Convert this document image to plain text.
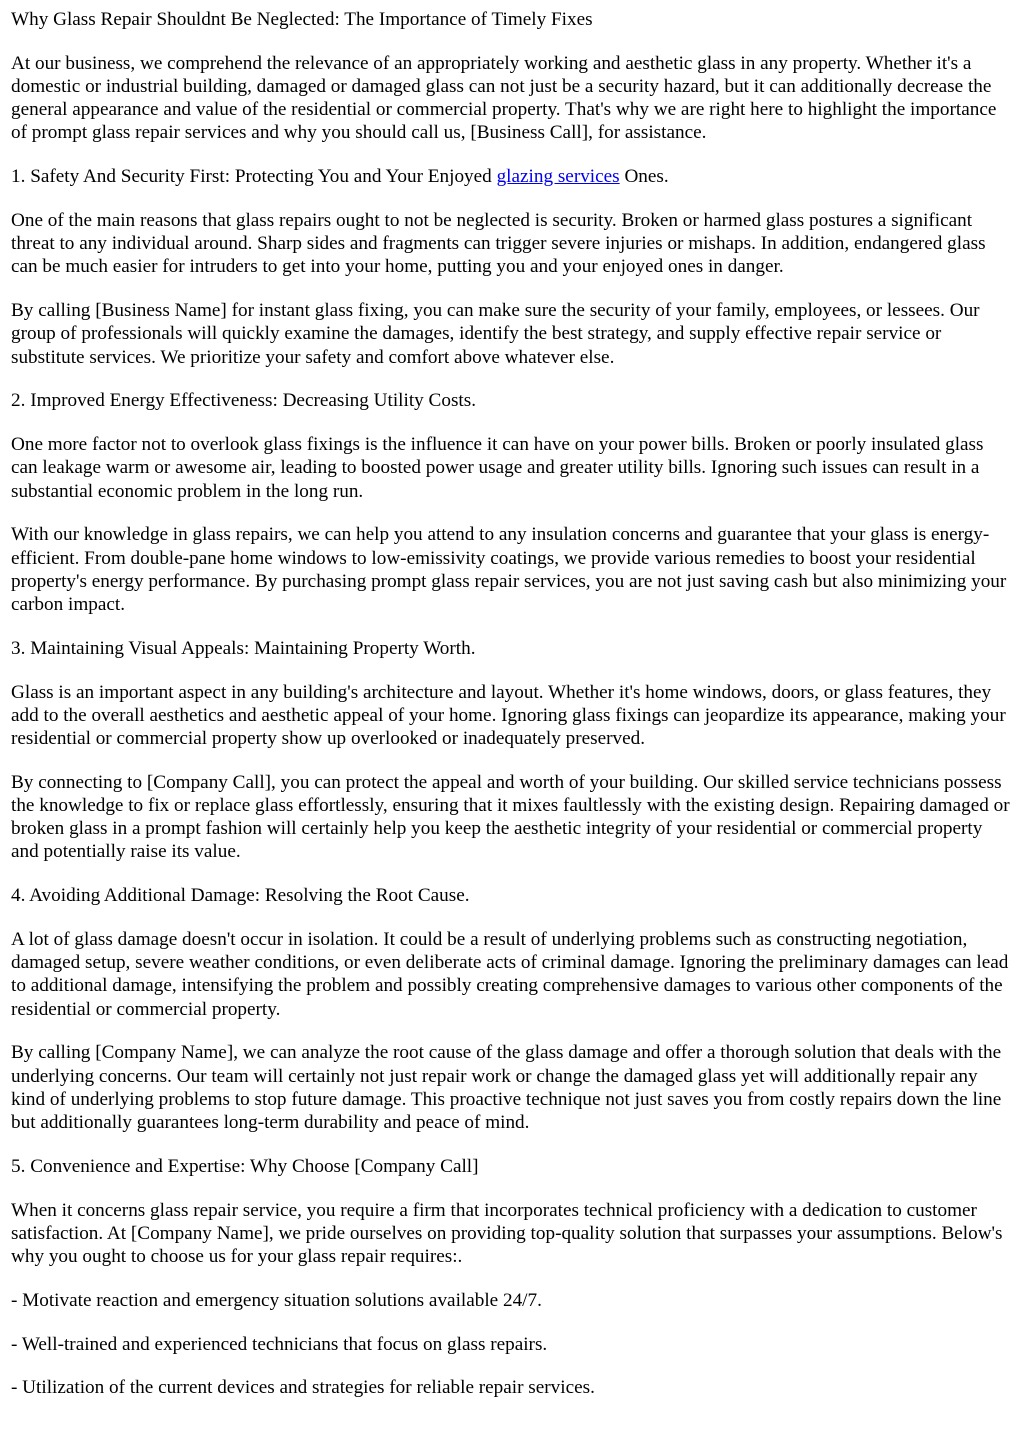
Why Glass Repair Shouldnt Be Neglected: The Importance of Timely Fixes

At our business, we comprehend the relevance of an appropriately working and aesthetic glass in any property. Whether it's a domestic or industrial building, damaged or damaged glass can not just be a security hazard, but it can additionally decrease the general appearance and value of the residential or commercial property. That's why we are right here to highlight the importance of prompt glass repair services and why you should call us, [Business Call], for assistance.

1. Safety And Security First: Protecting You and Your Enjoyed glazing services Ones.

One of the main reasons that glass repairs ought to not be neglected is security. Broken or harmed glass postures a significant threat to any individual around. Sharp sides and fragments can trigger severe injuries or mishaps. In addition, endangered glass can be much easier for intruders to get into your home, putting you and your enjoyed ones in danger.

By calling [Business Name] for instant glass fixing, you can make sure the security of your family, employees, or lessees. Our group of professionals will quickly examine the damages, identify the best strategy, and supply effective repair service or substitute services. We prioritize your safety and comfort above whatever else.

2. Improved Energy Effectiveness: Decreasing Utility Costs.

One more factor not to overlook glass fixings is the influence it can have on your power bills. Broken or poorly insulated glass can leakage warm or awesome air, leading to boosted power usage and greater utility bills. Ignoring such issues can result in a substantial economic problem in the long run.

With our knowledge in glass repairs, we can help you attend to any insulation concerns and guarantee that your glass is energy-efficient. From double-pane home windows to low-emissivity coatings, we provide various remedies to boost your residential property's energy performance. By purchasing prompt glass repair services, you are not just saving cash but also minimizing your carbon impact.

3. Maintaining Visual Appeals: Maintaining Property Worth.

Glass is an important aspect in any building's architecture and layout. Whether it's home windows, doors, or glass features, they add to the overall aesthetics and aesthetic appeal of your home. Ignoring glass fixings can jeopardize its appearance, making your residential or commercial property show up overlooked or inadequately preserved.

By connecting to [Company Call], you can protect the appeal and worth of your building. Our skilled service technicians possess the knowledge to fix or replace glass effortlessly, ensuring that it mixes faultlessly with the existing design. Repairing damaged or broken glass in a prompt fashion will certainly help you keep the aesthetic integrity of your residential or commercial property and potentially raise its value.

4. Avoiding Additional Damage: Resolving the Root Cause.

A lot of glass damage doesn't occur in isolation. It could be a result of underlying problems such as constructing negotiation, damaged setup, severe weather conditions, or even deliberate acts of criminal damage. Ignoring the preliminary damages can lead to additional damage, intensifying the problem and possibly creating comprehensive damages to various other components of the residential or commercial property.

By calling [Company Name], we can analyze the root cause of the glass damage and offer a thorough solution that deals with the underlying concerns. Our team will certainly not just repair work or change the damaged glass yet will additionally repair any kind of underlying problems to stop future damage. This proactive technique not just saves you from costly repairs down the line but additionally guarantees long-term durability and peace of mind.

5. Convenience and Expertise: Why Choose [Company Call]

When it concerns glass repair service, you require a firm that incorporates technical proficiency with a dedication to customer satisfaction. At [Company Name], we pride ourselves on providing top-quality solution that surpasses your assumptions. Below's why you ought to choose us for your glass repair requires:.

- Motivate reaction and emergency situation solutions available 24/7.

- Well-trained and experienced technicians that focus on glass repairs.

- Utilization of the current devices and strategies for reliable repair services.
